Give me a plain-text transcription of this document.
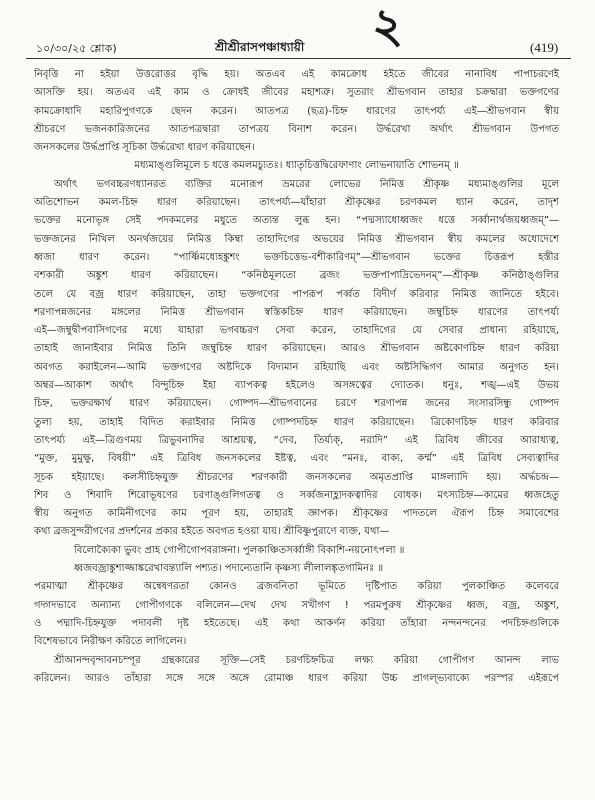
১০/৩০/২৫ শ্লোক)	শ্রীশ্রীরাসপঞ্চাধ্যায়ী ২	(419)
নিবৃত্তি না হইয়া উত্তরোত্তর বৃদ্ধি হয়। অতএব এই কামক্রোধ হইতে জীবের নানাবিধ পাপাচরণেই
আসক্তি হয়। অতএব এই কাম ও ক্রোধই জীবের মহাশত্রু। সুতরাং শ্রীভগবান তাহার চক্রদ্বারা ভক্তগণের
কামক্রোধাদি মহারিপুগণকে ছেদন করেন। আতপত্র (ছত্র)-চিহ্ন ধারণের তাৎপর্য্য এই—শ্রীভগবান স্বীয়
শ্রীচরণে ভজনকারিজনের আতপত্রদ্বারা তাপত্রয় বিনাশ করেন। উর্দ্ধরেখা অর্থাৎ শ্রীভগবান উপগত
জনসকলের উর্দ্ধপ্রাপ্তি সূচিকা উর্দ্ধরেখা ধারণ করিয়াছেন।
মধ্যমাঙ্গুলিমূলে চ ধত্তে কমলমচ্যুতঃ। ধ্যাতৃচিত্তদ্বিরেফাণাং লোভনায়াতি শোভনম্ ॥
অর্থাৎ ভগবচ্চরণধ্যানরত ব্যক্তির মনোরূপ ভ্রমরের লোভের নিমিত্ত শ্রীকৃষ্ণ মধ্যমাঙ্গুলির মূলে
অতিশোভন কমল-চিহ্ন ধারণ করিয়াছেন। তাৎপর্য্য—যাঁহারা শ্রীকৃষ্ণের চরণকমল ধ্যান করেন, তাদৃশ
ভক্তের মনোভৃঙ্গ সেই পদকমলের মধুতে অত্যন্ত লুব্ধ হন। “পদ্মস্যাধোধ্বজং ধত্তে সর্ব্বানার্থজয়ধ্বজম্”—
ভক্তজনের নিখিল অনর্থজয়ের নিমিত্ত কিম্বা তাহাদিগের অভয়ের নিমিত্ত শ্রীভগবান স্বীয় কমলের অধোদেশে
ধ্বজা ধারণ করেন। “পার্ষ্ণিমধ্যেহঙ্কুশং ভক্তচিত্তেভ-বশীকারিণম্”—শ্রীভগবান ভক্তের চিত্তরূপ হস্তীর
বশকারী অঙ্কুশ ধারণ করিয়াছেন। “কনিষ্ঠমূলতো ব্রজং ভক্তপাপাদ্রিভেদনম্”—শ্রীকৃষ্ণ কনিষ্ঠাঙ্গুলির
তলে যে বজ্র ধারণ করিয়াছেন, তাহা ভক্তগণের পাপরূপ পর্ব্বত বিদীর্ণ করিবার নিমিত্ত জানিতে হইবে।
শরণাপন্নজনের মঙ্গলের নিমিত্ত শ্রীভগবান স্বস্তিকচিহ্ন ধারণ করিয়াছেন। জম্বুচিহ্ন ধারণের তাৎপর্য্য
এই—জম্বুদ্বীপবাসিগণের মধ্যে যাহারা ভগবচ্চরণ সেবা করেন, তাহাদিগের যে সেবার প্রাধান্য রহিয়াছে,
তাহাই জানাইবার নিমিত্ত তিনি জম্বুচিহ্ন ধারণ করিয়াছেন। আরও শ্রীভগবান অষ্টকোণচিহ্ন ধারণ করিয়া
অবগত করাইলেন—আমি ভক্তগণের অষ্টদিকে বিদ্যমান রহিয়াছি এবং অষ্টসিদ্ধিগণ আমার অনুগত হন।
অম্বর—আকাশ অর্থাৎ বিন্দুচিহ্ন ইহা ব্যাপকত্ব হইলেও অসঙ্গত্বের দ্যোতক। ধনুঃ, শঙ্খ—এই উভয়
চিহ্ন, ভক্তরক্ষার্থ ধারণ করিয়াছেন। গোষ্পদ—শ্রীভগবানের চরণে শরণাপন্ন জনের সংসারসিন্ধু গোষ্পদ
তুল্য হয়, তাহাই বিদিত করাইবার নিমিত্ত গোষ্পদচিহ্ন ধারণ করিয়াছেন। ত্রিকোণচিহ্ন ধারণ করিবার
তাৎপর্য্য এই—ত্রিগুণময় ত্রিভুবনাদির আশ্রয়ত্ব, “দেব, তির্য্যক্, নরাদি” এই ত্রিবিধ জীবের আরাধ্যত্ব,
“মুক্ত, মুমুক্ষু, বিষয়ী” এই ত্রিবিধ জনসকলের ইষ্টত্ব, এবং “মনঃ, বাক্য, কর্ম্ম” এই ত্রিবিধ সেব্যত্বাদির
সূচক হইয়াছে। কলসীচিহ্নযুক্ত শ্রীচরণের শরণকারী জনসকলের অমৃতপ্রাপ্তি মাঙ্গল্যাদি হয়। অর্দ্ধচন্দ্র—
শিব ও শিবাদি শিরোভূষণের চরণাঙ্গুলিগতত্ব ও সর্ব্বজনাহ্লাদকত্বাদির বোধক। মৎস্যচিহ্ন—কামের ধ্বজহেতু
স্বীয় অনুগত কামিনীগণের কাম পূরণ হয়, তাহারই জ্ঞাপক। শ্রীকৃষ্ণের পাদতলে ঐরূপ চিহ্ন সমাবেশের
কথা ব্রজসুন্দরীগণের প্রদর্শনের প্রকার হইতে অবগত হওয়া যায়। শ্রীবিষ্ণুপুরাণে ব্যক্ত, যথা—
বিলোক্যৈকা ভুবং প্রাহ গোপীগোপবরাঙ্গনা। পুলকাঞ্চিতসর্ব্বাঙ্গী বিকাশি-নয়নোৎপলা ॥
ধ্বজবজ্রাঙ্কুশাজ্জাঙ্করেখাবন্ত্যালি পশ্যত। পদান্যেতানি কৃষ্ণস্য লীলালঙ্কৃতগামিনঃ ॥
পরমাত্মা শ্রীকৃষ্ণের অন্বেষণরতা কোনও ব্রজবনিতা ভূমিতে দৃষ্টিপাত করিয়া পুলকাঞ্চিত কলেবরে
গদ্গদভাবে অন্যান্য গোপীগণকে বলিলেন—দেখ দেখ সখীগণ ! পরমপুরুষ শ্রীকৃষ্ণের ধ্বজ, বজ্র, অঙ্কুশ,
ও পদ্মাদি-চিহ্নযুক্ত পদাবলী দৃষ্ট হইতেছে। এই কথা আকর্ণন করিয়া তাঁহারা নন্দনন্দনের পদচিহ্নগুলিকে
বিশেষভাবে নিরীক্ষণ করিতে লাগিলেন।
শ্রীআনন্দবৃন্দাবনচম্পূর গ্রন্থকারের সূক্তি—সেই চরণচিহ্নচিত্র লক্ষ্য করিয়া গোপীগণ আনন্দ লাভ
করিলেন। আরও তাঁহারা সঙ্গে সঙ্গে অঙ্গে রোমাঞ্চ ধারণ করিয়া উচ্চ প্রাগল্ভ্যবাক্যে পরস্পর এইরূপে
